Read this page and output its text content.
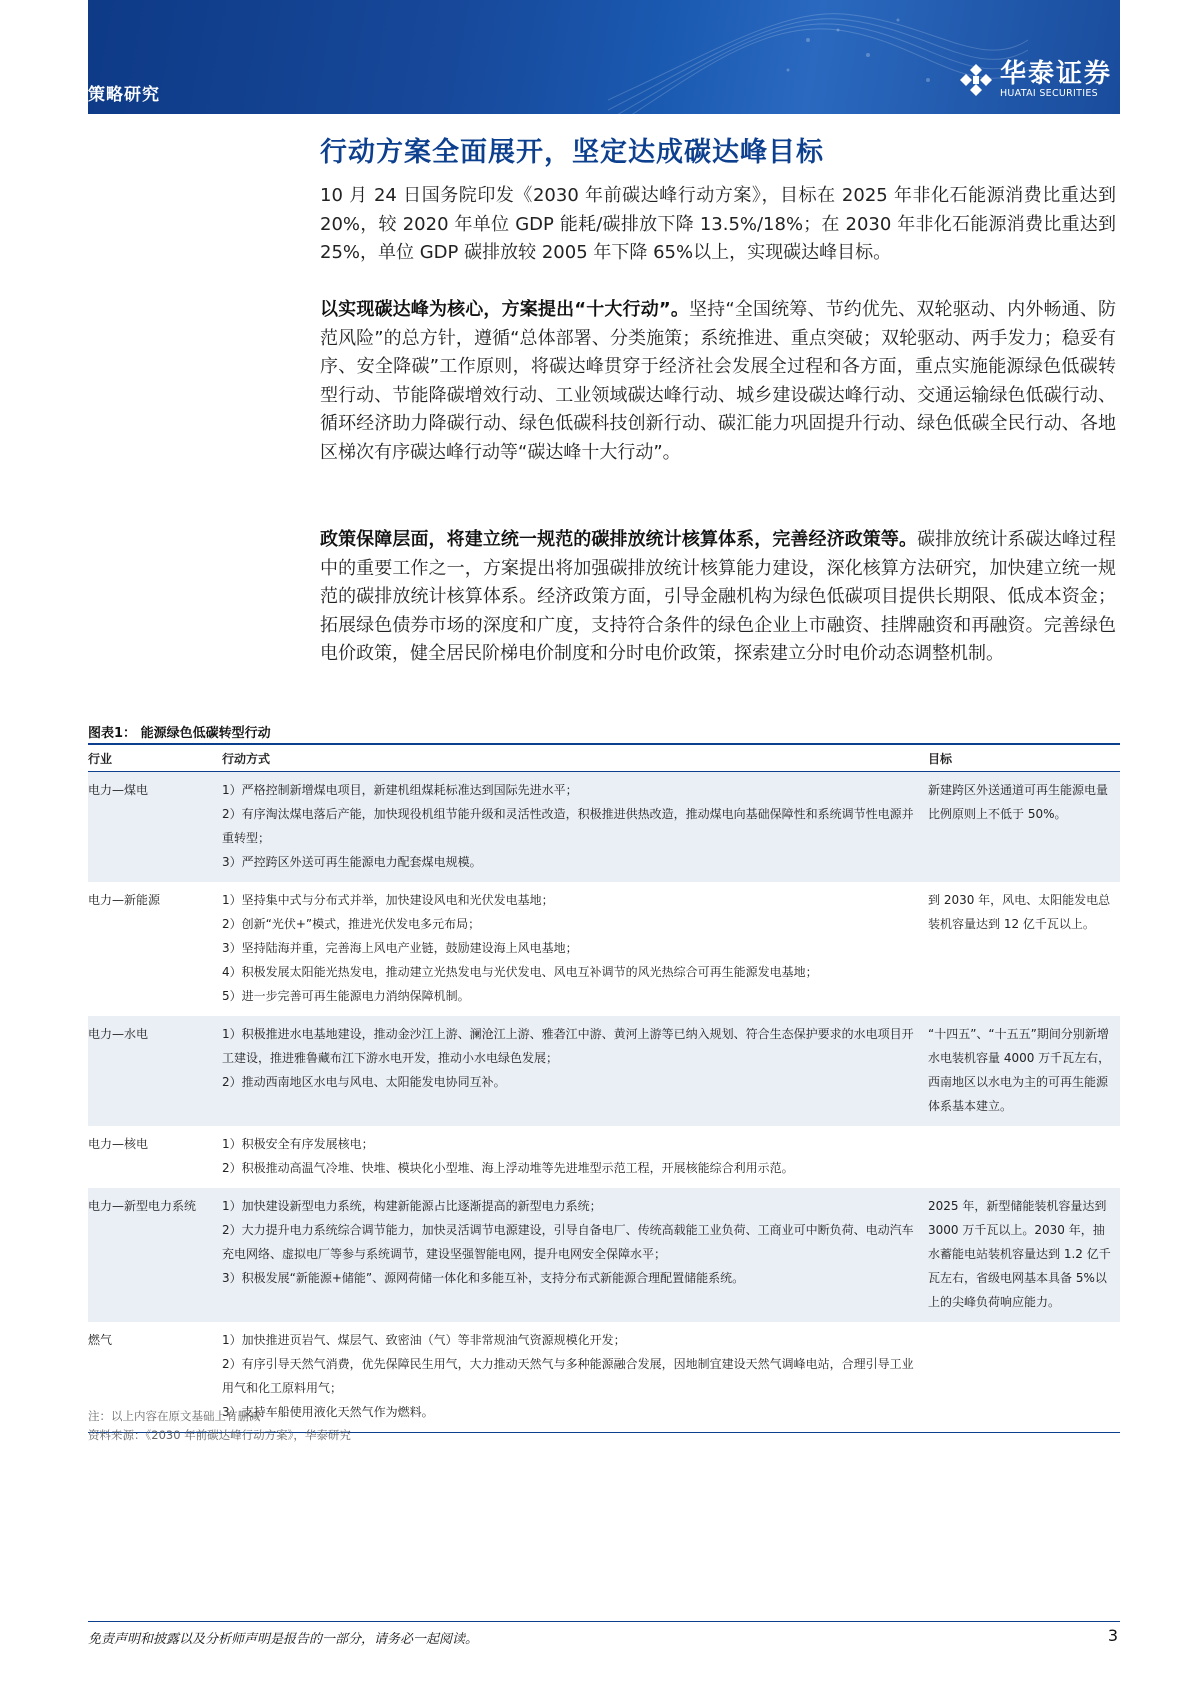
策略研究
华泰证券
HUATAI SECURITIES
行动方案全面展开，坚定达成碳达峰目标

10 月 24 日国务院印发《2030 年前碳达峰行动方案》，目标在 2025 年非化石能源消费比重达到 20%，较 2020 年单位 GDP 能耗/碳排放下降 13.5%/18%；在 2030 年非化石能源消费比重达到 25%，单位 GDP 碳排放较 2005 年下降 65%以上，实现碳达峰目标。

以实现碳达峰为核心，方案提出“十大行动”。坚持“全国统筹、节约优先、双轮驱动、内外畅通、防范风险”的总方针，遵循“总体部署、分类施策；系统推进、重点突破；双轮驱动、两手发力；稳妥有序、安全降碳”工作原则，将碳达峰贯穿于经济社会发展全过程和各方面，重点实施能源绿色低碳转型行动、节能降碳增效行动、工业领域碳达峰行动、城乡建设碳达峰行动、交通运输绿色低碳行动、循环经济助力降碳行动、绿色低碳科技创新行动、碳汇能力巩固提升行动、绿色低碳全民行动、各地区梯次有序碳达峰行动等“碳达峰十大行动”。

政策保障层面，将建立统一规范的碳排放统计核算体系，完善经济政策等。碳排放统计系碳达峰过程中的重要工作之一，方案提出将加强碳排放统计核算能力建设，深化核算方法研究，加快建立统一规范的碳排放统计核算体系。经济政策方面，引导金融机构为绿色低碳项目提供长期限、低成本资金；拓展绿色债券市场的深度和广度，支持符合条件的绿色企业上市融资、挂牌融资和再融资。完善绿色电价政策，健全居民阶梯电价制度和分时电价政策，探索建立分时电价动态调整机制。

图表1： 能源绿色低碳转型行动
行业	行动方式	目标
电力—煤电	1）严格控制新增煤电项目，新建机组煤耗标准达到国际先进水平；
2）有序淘汰煤电落后产能，加快现役机组节能升级和灵活性改造，积极推进供热改造，推动煤电向基础保障性和系统调节性电源并重转型；
3）严控跨区外送可再生能源电力配套煤电规模。	新建跨区外送通道可再生能源电量比例原则上不低于 50%。
电力—新能源	1）坚持集中式与分布式并举，加快建设风电和光伏发电基地；
2）创新“光伏+”模式，推进光伏发电多元布局；
3）坚持陆海并重，完善海上风电产业链，鼓励建设海上风电基地；
4）积极发展太阳能光热发电，推动建立光热发电与光伏发电、风电互补调节的风光热综合可再生能源发电基地；
5）进一步完善可再生能源电力消纳保障机制。	到 2030 年，风电、太阳能发电总装机容量达到 12 亿千瓦以上。
电力—水电	1）积极推进水电基地建设，推动金沙江上游、澜沧江上游、雅砻江中游、黄河上游等已纳入规划、符合生态保护要求的水电项目开工建设，推进雅鲁藏布江下游水电开发，推动小水电绿色发展；
2）推动西南地区水电与风电、太阳能发电协同互补。	“十四五”、“十五五”期间分别新增水电装机容量 4000 万千瓦左右，西南地区以水电为主的可再生能源体系基本建立。
电力—核电	1）积极安全有序发展核电；
2）积极推动高温气冷堆、快堆、模块化小型堆、海上浮动堆等先进堆型示范工程，开展核能综合利用示范。	
电力—新型电力系统	1）加快建设新型电力系统，构建新能源占比逐渐提高的新型电力系统；
2）大力提升电力系统综合调节能力，加快灵活调节电源建设，引导自备电厂、传统高载能工业负荷、工商业可中断负荷、电动汽车充电网络、虚拟电厂等参与系统调节，建设坚强智能电网，提升电网安全保障水平；
3）积极发展“新能源+储能”、源网荷储一体化和多能互补，支持分布式新能源合理配置储能系统。	2025 年，新型储能装机容量达到 3000 万千瓦以上。2030 年，抽水蓄能电站装机容量达到 1.2 亿千瓦左右，省级电网基本具备 5%以上的尖峰负荷响应能力。
燃气	1）加快推进页岩气、煤层气、致密油（气）等非常规油气资源规模化开发；
2）有序引导天然气消费，优先保障民生用气，大力推动天然气与多种能源融合发展，因地制宜建设天然气调峰电站，合理引导工业用气和化工原料用气；
3）支持车船使用液化天然气作为燃料。	
注：以上内容在原文基础上有删减
资料来源：《2030 年前碳达峰行动方案》，华泰研究
免责声明和披露以及分析师声明是报告的一部分，请务必一起阅读。	3
